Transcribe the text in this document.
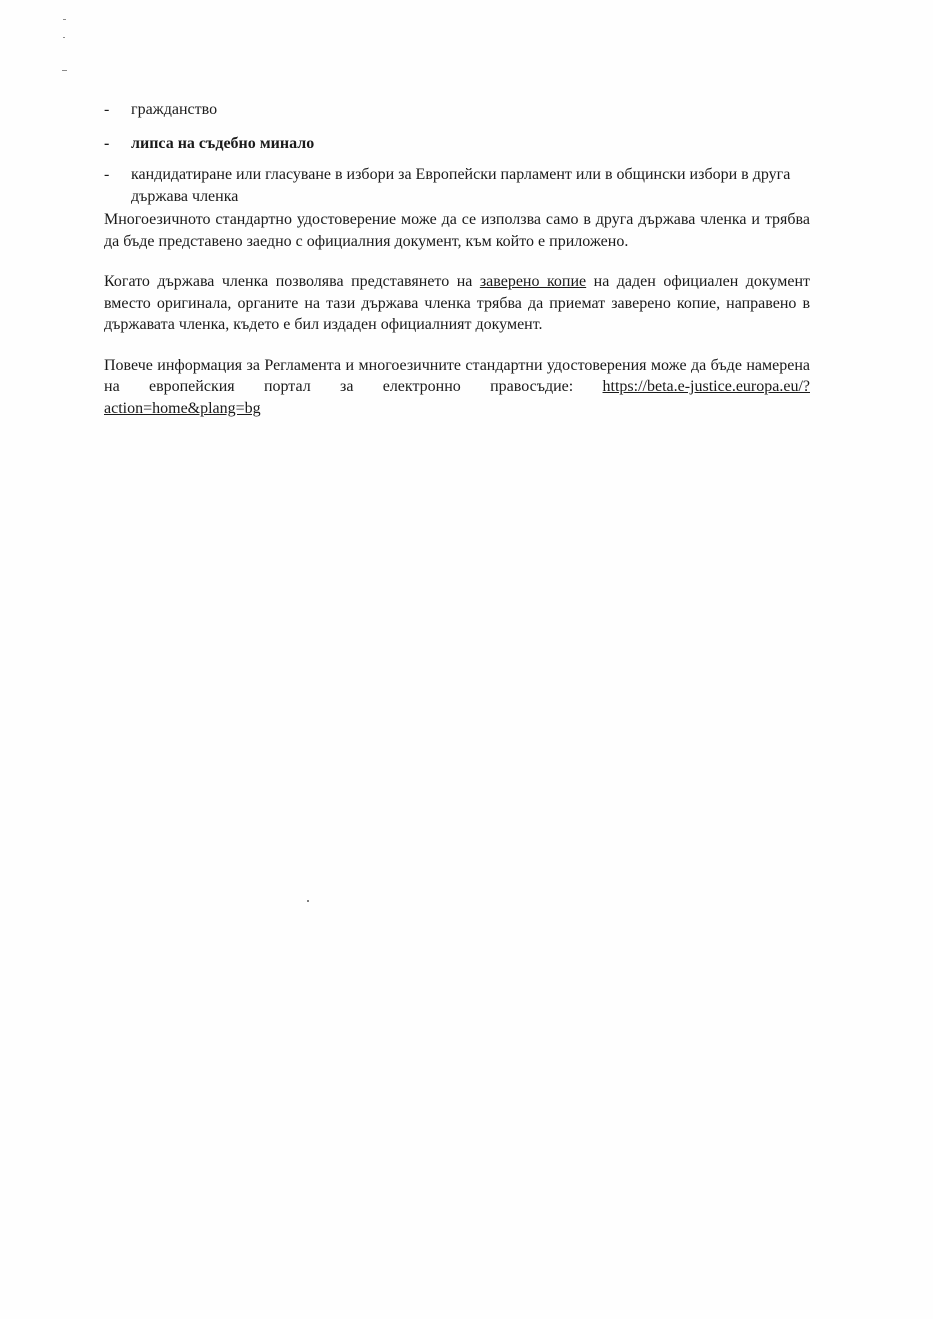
- гражданство
- липса на съдебно минало
- кандидатиране или гласуване в избори за Европейски парламент или в общински избори в друга държава членка

Многоезичното стандартно удостоверение може да се използва само в друга държава членка и трябва да бъде представено заедно с официалния документ, към който е приложено.

Когато държава членка позволява представянето на заверено копие на даден официален документ вместо оригинала, органите на тази държава членка трябва да приемат заверено копие, направено в държавата членка, където е бил издаден официалният документ.

Повече информация за Регламента и многоезичните стандартни удостоверения може да бъде намерена на европейския портал за електронно правосъдие: https://beta.e-justice.europa.eu/?action=home&plang=bg
